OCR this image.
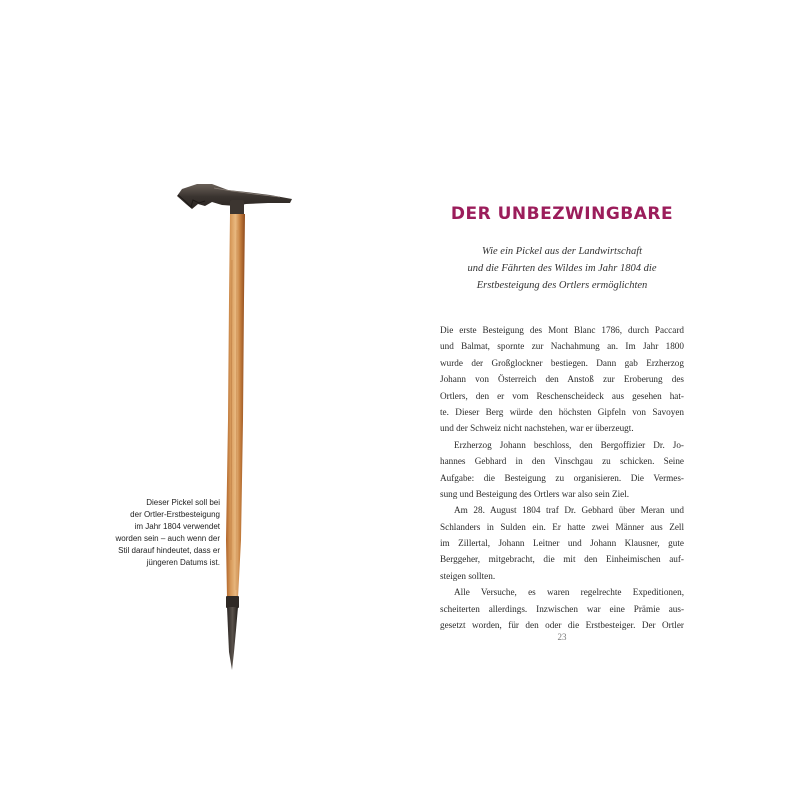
Dieser Pickel soll bei
der Ortler-Erstbesteigung
im Jahr 1804 verwendet
worden sein – auch wenn der
Stil darauf hindeutet, dass er
jüngeren Datums ist.
DER UNBEZWINGBARE
Wie ein Pickel aus der Landwirtschaft
und die Fährten des Wildes im Jahr 1804 die
Erstbesteigung des Ortlers ermöglichten
Die erste Besteigung des Mont Blanc 1786, durch Paccard
und Balmat, spornte zur Nachahmung an. Im Jahr 1800
wurde der Großglockner bestiegen. Dann gab Erzherzog
Johann von Österreich den Anstoß zur Eroberung des
Ortlers, den er vom Reschenscheideck aus gesehen hat-
te. Dieser Berg würde den höchsten Gipfeln von Savoyen
und der Schweiz nicht nachstehen, war er überzeugt.
Erzherzog Johann beschloss, den Bergoffizier Dr. Jo-
hannes Gebhard in den Vinschgau zu schicken. Seine
Aufgabe: die Besteigung zu organisieren. Die Vermes-
sung und Besteigung des Ortlers war also sein Ziel.
Am 28. August 1804 traf Dr. Gebhard über Meran und
Schlanders in Sulden ein. Er hatte zwei Männer aus Zell
im Zillertal, Johann Leitner und Johann Klausner, gute
Berggeher, mitgebracht, die mit den Einheimischen auf-
steigen sollten.
Alle Versuche, es waren regelrechte Expeditionen,
scheiterten allerdings. Inzwischen war eine Prämie aus-
gesetzt worden, für den oder die Erstbesteiger. Der Ortler
23
